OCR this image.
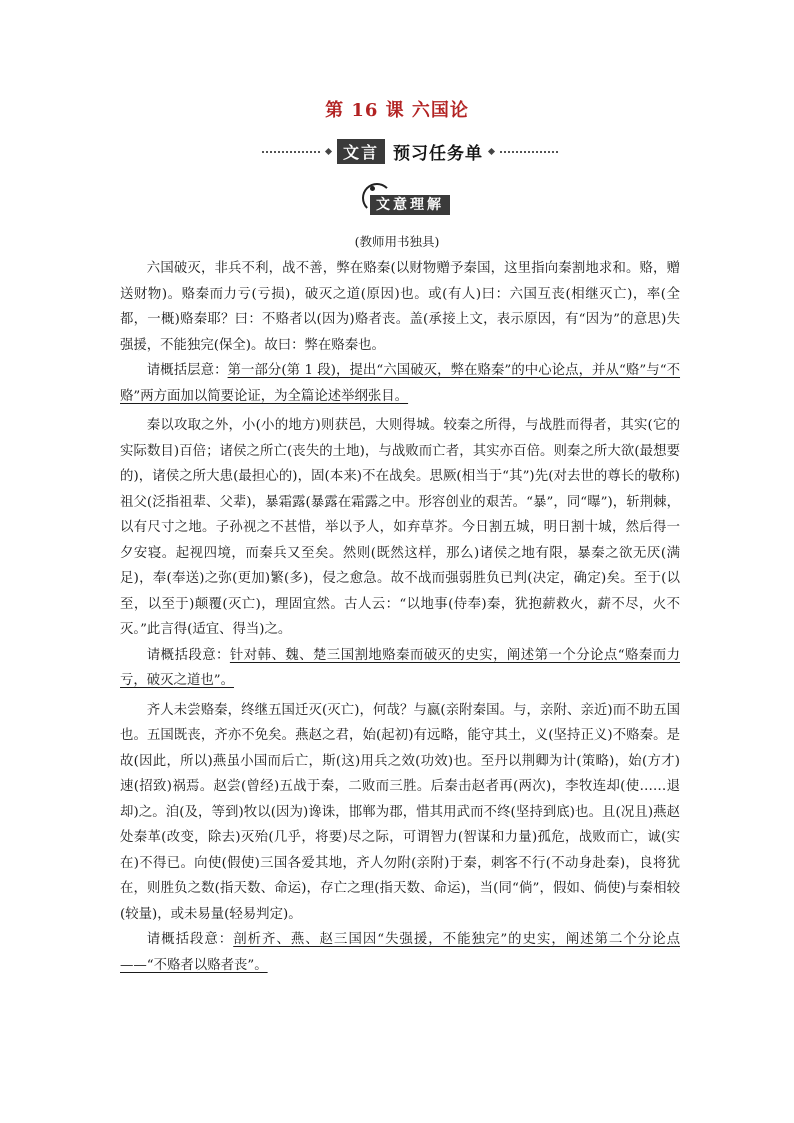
第 16 课 六国论
文言 预习任务单
文意理解
(教师用书独具)

六国破灭，非兵不利，战不善，弊在赂秦(以财物赠予秦国，这里指向秦割地求和。赂，赠送财物)。赂秦而力亏(亏损)，破灭之道(原因)也。或(有人)曰：六国互丧(相继灭亡)，率(全都，一概)赂秦耶？曰：不赂者以(因为)赂者丧。盖(承接上文，表示原因，有“因为”的意思)失强援，不能独完(保全)。故曰：弊在赂秦也。

请概括层意：第一部分(第 1 段)，提出“六国破灭，弊在赂秦”的中心论点，并从“赂”与“不赂”两方面加以简要论证，为全篇论述举纲张目。

秦以攻取之外，小(小的地方)则获邑，大则得城。较秦之所得，与战胜而得者，其实(它的实际数目)百倍；诸侯之所亡(丧失的土地)，与战败而亡者，其实亦百倍。则秦之所大欲(最想要的)，诸侯之所大患(最担心的)，固(本来)不在战矣。思厥(相当于“其”)先(对去世的尊长的敬称)祖父(泛指祖辈、父辈)，暴霜露(暴露在霜露之中。形容创业的艰苦。“暴”，同“曝”)，斩荆棘，以有尺寸之地。子孙视之不甚惜，举以予人，如弃草芥。今日割五城，明日割十城，然后得一夕安寝。起视四境，而秦兵又至矣。然则(既然这样，那么)诸侯之地有限，暴秦之欲无厌(满足)，奉(奉送)之弥(更加)繁(多)，侵之愈急。故不战而强弱胜负已判(决定，确定)矣。至于(以至，以至于)颠覆(灭亡)，理固宜然。古人云：“以地事(侍奉)秦，犹抱薪救火，薪不尽，火不灭。”此言得(适宜、得当)之。

请概括段意：针对韩、魏、楚三国割地赂秦而破灭的史实，阐述第一个分论点“赂秦而力亏，破灭之道也”。

齐人未尝赂秦，终继五国迁灭(灭亡)，何哉？与嬴(亲附秦国。与，亲附、亲近)而不助五国也。五国既丧，齐亦不免矣。燕赵之君，始(起初)有远略，能守其土，义(坚持正义)不赂秦。是故(因此，所以)燕虽小国而后亡，斯(这)用兵之效(功效)也。至丹以荆卿为计(策略)，始(方才)速(招致)祸焉。赵尝(曾经)五战于秦，二败而三胜。后秦击赵者再(两次)，李牧连却(使……退却)之。洎(及，等到)牧以(因为)谗诛，邯郸为郡，惜其用武而不终(坚持到底)也。且(况且)燕赵处秦革(改变，除去)灭殆(几乎，将要)尽之际，可谓智力(智谋和力量)孤危，战败而亡，诚(实在)不得已。向使(假使)三国各爱其地，齐人勿附(亲附)于秦，刺客不行(不动身赴秦)，良将犹在，则胜负之数(指天数、命运)，存亡之理(指天数、命运)，当(同“倘”，假如、倘使)与秦相较(较量)，或未易量(轻易判定)。

请概括段意：剖析齐、燕、赵三国因“失强援，不能独完”的史实，阐述第二个分论点——“不赂者以赂者丧”。
